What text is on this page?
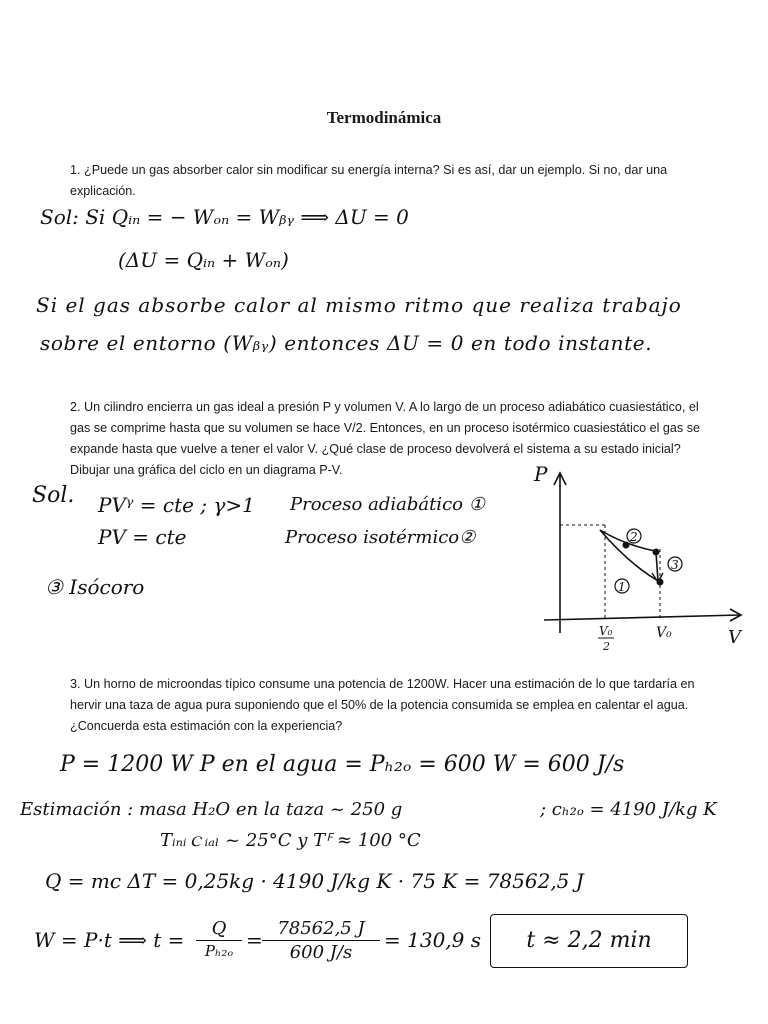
Termodinámica
1. ¿Puede un gas absorber calor sin modificar su energía interna? Si es así, dar un ejemplo. Si no, dar una explicación.
Sol: Si Qᵢₙ = − Wₒₙ = Wᵦᵧ ⟹ ΔU = 0
(ΔU = Qᵢₙ + Wₒₙ)
Si el gas absorbe calor al mismo ritmo que realiza trabajo
sobre el entorno (Wᵦᵧ) entonces ΔU = 0 en todo instante.
2. Un cilindro encierra un gas ideal a presión P y volumen V. A lo largo de un proceso adiabático cuasiestático, el gas se comprime hasta que su volumen se hace V/2. Entonces, en un proceso isotérmico cuasiestático el gas se expande hasta que vuelve a tener el valor V. ¿Qué clase de proceso devolverá el sistema a su estado inicial? Dibujar una gráfica del ciclo en un diagrama P-V.
Sol. PVᵞ = cte ; γ>1
PV = cte
Proceso adiabático ①
Proceso isotérmico②
③ Isócoro
P
V
1
2
3
V₀
2
V₀
3. Un horno de microondas típico consume una potencia de 1200W. Hacer una estimación de lo que tardaría en hervir una taza de agua pura suponiendo que el 50% de la potencia consumida se emplea en calentar el agua. ¿Concuerda esta estimación con la experiencia?
P = 1200 W P en el agua = Pₕ₂ₒ = 600 W = 600 J/s
Estimación : masa H₂O en la taza ~ 250 g	; cₕ₂ₒ = 4190 J/kg K
Tᵢₙᵢｃᵢₐₗ ~ 25°C y Tꟳ ≈ 100 °C
Q = mc ΔT = 0,25kg · 4190 J/kg K · 75 K = 78562,5 J
W = P·t ⟹ t =	Q
Pₕ₂ₒ = 78562,5 J
600 J/s
= 130,9 s	t ≈ 2,2 min
